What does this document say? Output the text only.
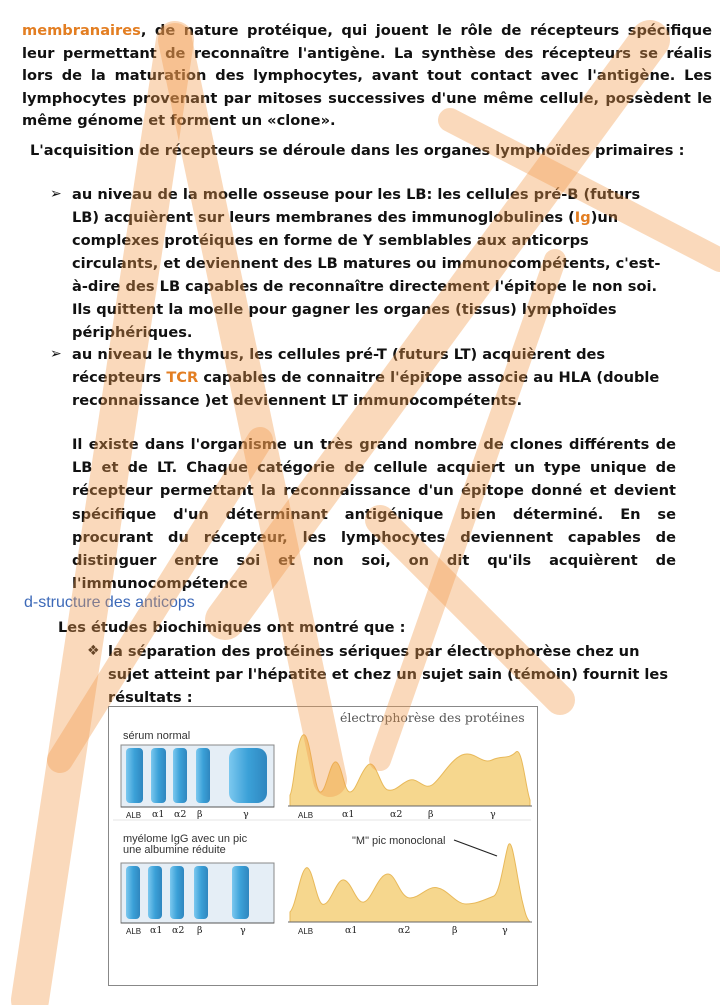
membranaires, de nature protéique, qui jouent le rôle de récepteurs spécifique leur permettant de reconnaître l'antigène. La synthèse des récepteurs se réalis lors de la maturation des lymphocytes, avant tout contact avec l'antigène. Les lymphocytes provenant par mitoses successives d'une même cellule, possèdent le même génome et forment un «clone».

L'acquisition de récepteurs se déroule dans les organes lymphoïdes primaires :
➢ au niveau de la moelle osseuse pour les LB: les cellules pré-B (futurs LB) acquièrent sur leurs membranes des immunoglobulines (Ig)un complexes protéiques en forme de Y semblables aux anticorps circulants, et deviennent des LB matures ou immunocompétents, c'est-à-dire des LB capables de reconnaître directement l'épitope le non soi. Ils quittent la moelle pour gagner les organes (tissus) lymphoïdes périphériques.

➢ au niveau le thymus, les cellules pré-T (futurs LT) acquièrent des récepteurs TCR capables de connaitre l'épitope associe au HLA (double reconnaissance )et deviennent LT immunocompétents.

Il existe dans l'organisme un très grand nombre de clones différents de LB et de LT. Chaque catégorie de cellule acquiert un type unique de récepteur permettant la reconnaissance d'un épitope donné et devient spécifique d'un déterminant antigénique bien déterminé. En se procurant du récepteur, les lymphocytes deviennent capables de distinguer entre soi et non soi, on dit qu'ils acquièrent de l'immunocompétence

d-structure des anticops
Les études biochimiques ont montré que :
❖ la séparation des protéines sériques par électrophorèse chez un sujet atteint par l'hépatite et chez un sujet sain (témoin) fournit les résultats :

électrophorèse des protéines
sérum normal
myélome IgG avec un pic
une albumine réduite
"M" pic monoclonal
ALB α1 α2 β	γ	ALB	α1	α2	β	γ
ALB α1 α2 β	γ	ALB	α1	α2	β	γ
